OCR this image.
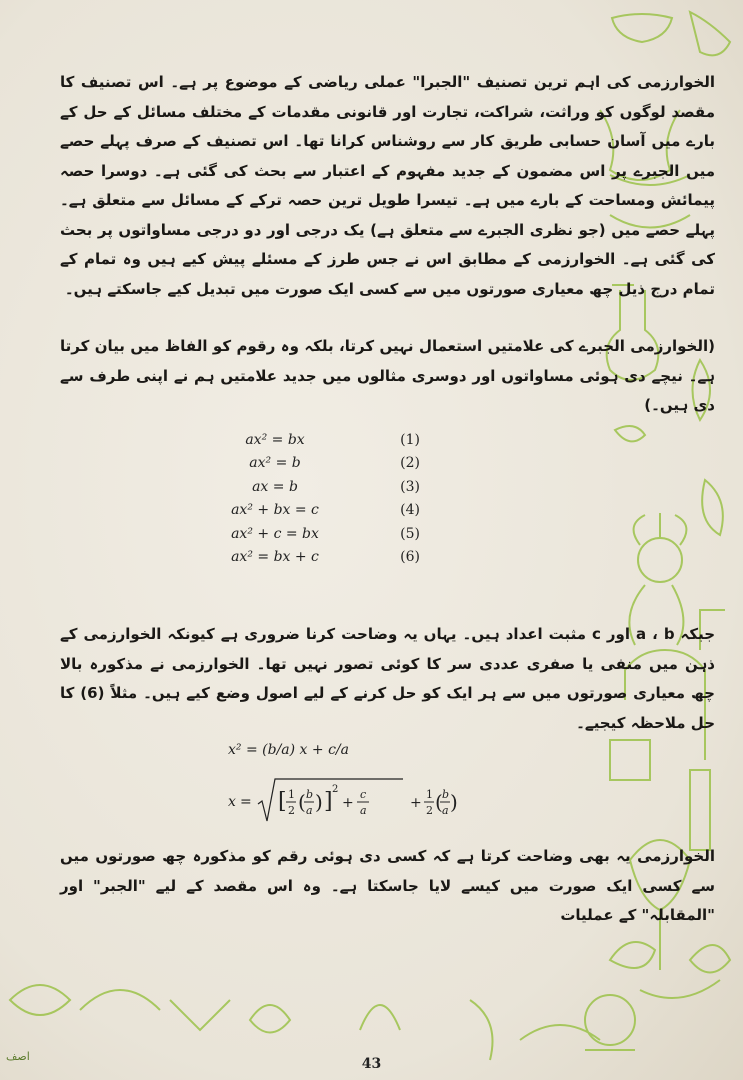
الخوارزمی کی اہم ترین تصنیف "الجبرا" عملی ریاضی کے موضوع پر ہے۔ اس تصنیف کا مقصد لوگوں کو وراثت، شراکت، تجارت اور قانونی مقدمات کے مختلف مسائل کے حل کے بارے میں آسان حسابی طریق کار سے روشناس کرانا تھا۔ اس تصنیف کے صرف پہلے حصے میں الجبرے پر اس مضمون کے جدید مفہوم کے اعتبار سے بحث کی گئی ہے۔ دوسرا حصہ پیمائش ومساحت کے بارے میں ہے۔ تیسرا طویل ترین حصہ ترکے کے مسائل سے متعلق ہے۔ پہلے حصے میں (جو نظری الجبرے سے متعلق ہے) یک درجی اور دو درجی مساواتوں پر بحث کی گئی ہے۔ الخوارزمی کے مطابق اس نے جس طرز کے مسئلے پیش کیے ہیں وہ تمام کے تمام درج ذیل چھ معیاری صورتوں میں سے کسی ایک صورت میں تبدیل کیے جاسکتے ہیں۔

(الخوارزمی الجبرے کی علامتیں استعمال نہیں کرتا، بلکہ وہ رقوم کو الفاظ میں بیان کرتا ہے۔ نیچے دی ہوئی مساواتوں اور دوسری مثالوں میں جدید علامتیں ہم نے اپنی طرف سے دی ہیں۔)

ax² = bx	(1)
ax² = b	(2)
ax = b	(3)
ax² + bx = c	(4)
ax² + c = bx	(5)
ax² = bx + c	(6)

جبکہ a ، b اور c مثبت اعداد ہیں۔ یہاں یہ وضاحت کرنا ضروری ہے کیونکہ الخوارزمی کے ذہن میں منفی یا صفری عددی سر کا کوئی تصور نہیں تھا۔ الخوارزمی نے مذکورہ بالا چھ معیاری صورتوں میں سے ہر ایک کو حل کرنے کے لیے اصول وضع کیے ہیں۔ مثلاً (6) کا حل ملاحظہ کیجیے۔

x² = (b/a) x + c/a
x = [ 1
2 ( b
a ) ] 2
+
c
a	+
1
2 ( b
a )

الخوارزمی یہ بھی وضاحت کرتا ہے کہ کسی دی ہوئی رقم کو مذکورہ چھ صورتوں میں سے کسی ایک صورت میں کیسے لایا جاسکتا ہے۔ وہ اس مقصد کے لیے "الجبر" اور "المقابلہ" کے عملیات

اصف	43
